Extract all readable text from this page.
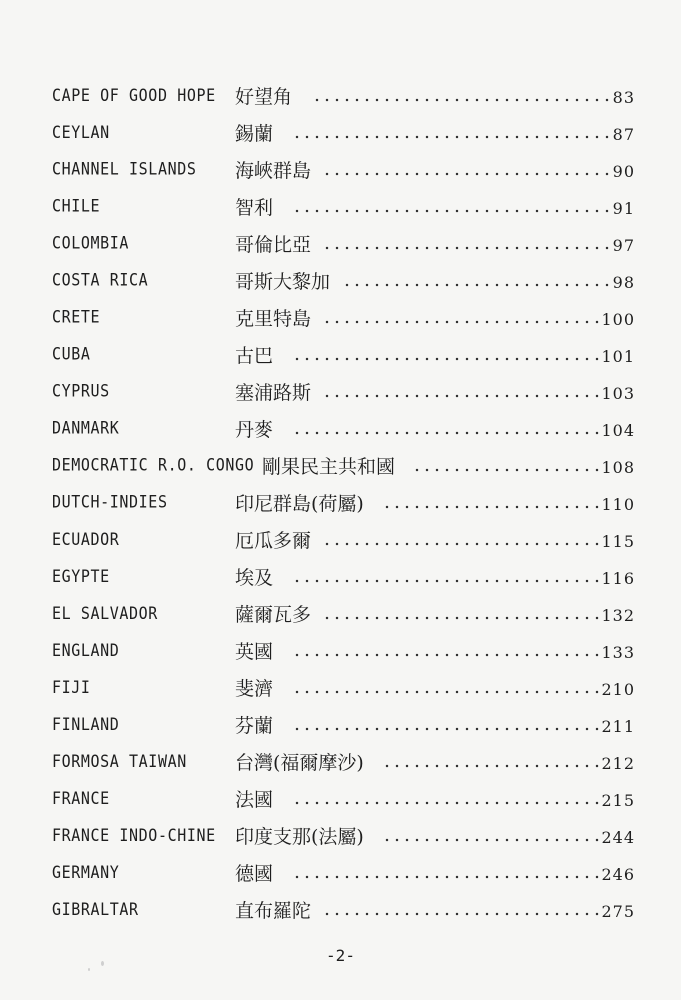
CAPE OF GOOD HOPE 好望角	83
CEYLAN	錫蘭	87
CHANNEL ISLANDS 海峽群島	90
CHILE	智利	91
COLOMBIA	哥倫比亞	97
COSTA RICA	哥斯大黎加	98
CRETE	克里特島	100
CUBA	古巴	101
CYPRUS	塞浦路斯	103
DANMARK	丹麥	104
DEMOCRATIC R.O. CONGO 剛果民主共和國	108
DUTCH-INDIES	印尼群島(荷屬)	110
ECUADOR	厄瓜多爾	115
EGYPTE	埃及	116
EL SALVADOR	薩爾瓦多	132
ENGLAND	英國	133
FIJI	斐濟	210
FINLAND	芬蘭	211
FORMOSA TAIWAN	台灣(福爾摩沙)	212
FRANCE	法國	215
FRANCE INDO-CHINE 印度支那(法屬)	244
GERMANY	德國	246
GIBRALTAR	直布羅陀	275
-2-
